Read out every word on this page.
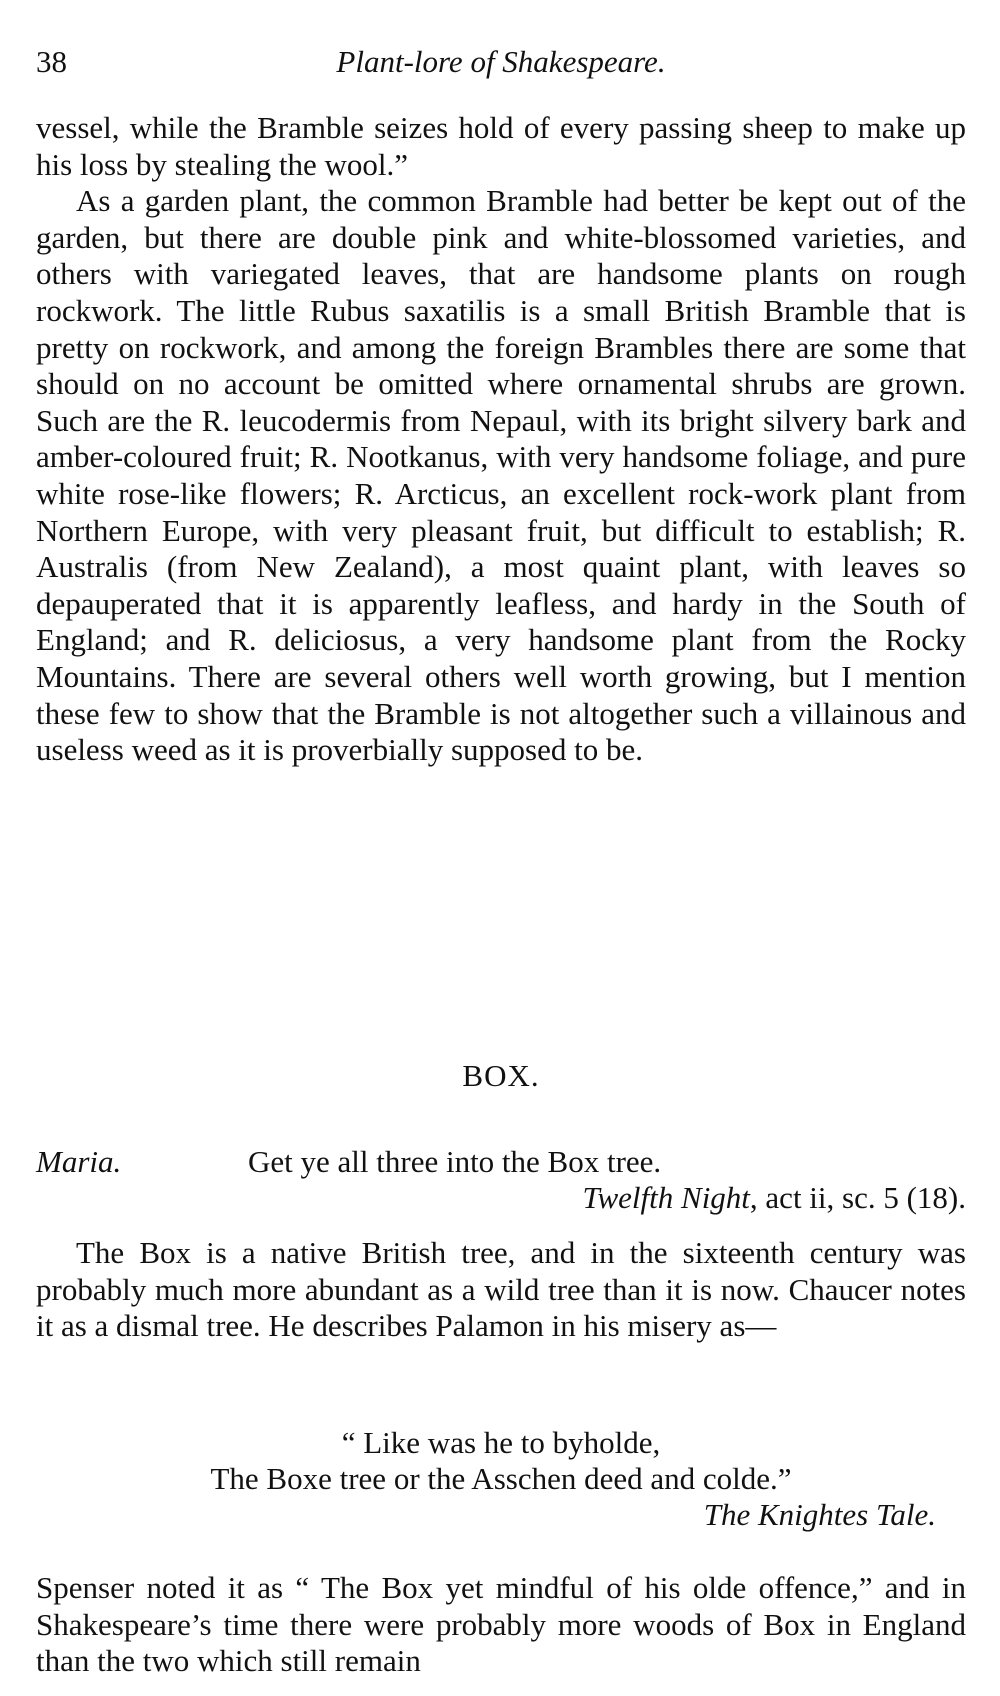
38	Plant-lore of Shakespeare.

vessel, while the Bramble seizes hold of every passing sheep to make up his loss by stealing the wool.”

As a garden plant, the common Bramble had better be kept out of the garden, but there are double pink and white-blossomed varieties, and others with variegated leaves, that are handsome plants on rough rockwork. The little Rubus saxatilis is a small British Bramble that is pretty on rockwork, and among the foreign Brambles there are some that should on no account be omitted where ornamental shrubs are grown. Such are the R. leucodermis from Nepaul, with its bright silvery bark and amber-coloured fruit; R. Nootkanus, with very handsome foliage, and pure white rose-like flowers; R. Arcticus, an excellent rock-work plant from Northern Europe, with very pleasant fruit, but difficult to establish; R. Australis (from New Zealand), a most quaint plant, with leaves so depauperated that it is apparently leafless, and hardy in the South of England; and R. deliciosus, a very handsome plant from the Rocky Mountains. There are several others well worth growing, but I mention these few to show that the Bramble is not altogether such a villainous and useless weed as it is proverbially supposed to be.

BOX.
Maria.	Get ye all three into the Box tree.
Twelfth Night, act ii, sc. 5 (18).

The Box is a native British tree, and in the sixteenth century was probably much more abundant as a wild tree than it is now. Chaucer notes it as a dismal tree. He describes Palamon in his misery as—

“ Like was he to byholde,
The Boxe tree or the Asschen deed and colde.”
The Knightes Tale.

Spenser noted it as “ The Box yet mindful of his olde offence,” and in Shakespeare’s time there were probably more woods of Box in England than the two which still remain
